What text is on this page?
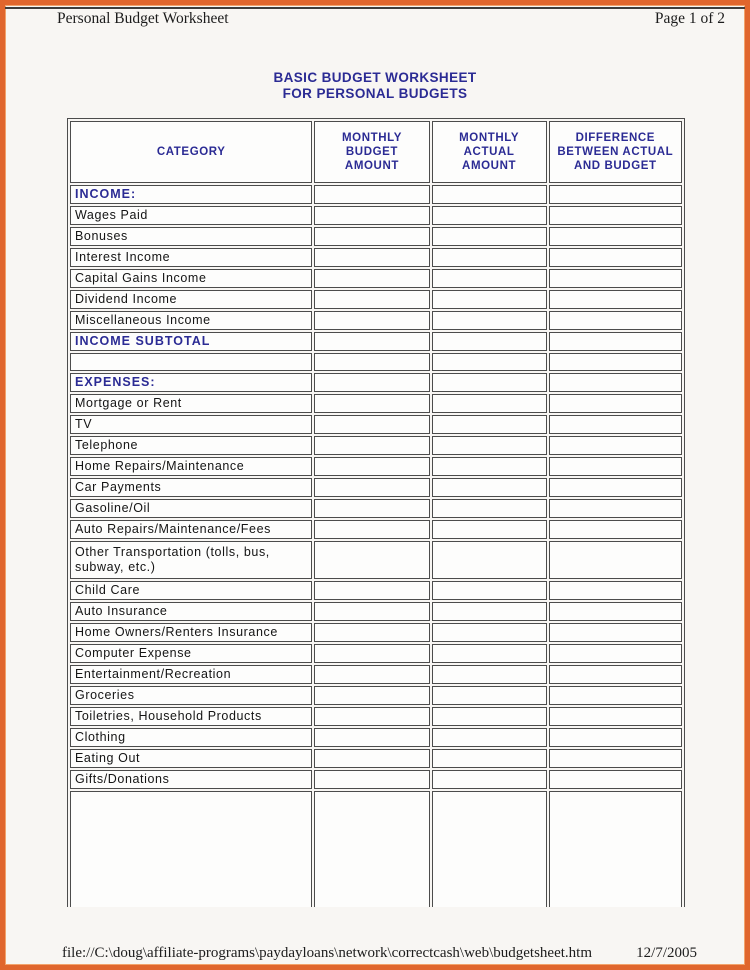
Personal Budget Worksheet	Page 1 of 2
BASIC BUDGET WORKSHEET
FOR PERSONAL BUDGETS
CATEGORY	MONTHLY BUDGET AMOUNT	MONTHLY ACTUAL AMOUNT	DIFFERENCE BETWEEN ACTUAL AND BUDGET
INCOME:			
Wages Paid			
Bonuses			
Interest Income			
Capital Gains Income			
Dividend Income			
Miscellaneous Income			
INCOME SUBTOTAL			

EXPENSES:			
Mortgage or Rent			
TV			
Telephone			
Home Repairs/Maintenance			
Car Payments			
Gasoline/Oil			
Auto Repairs/Maintenance/Fees			
Other Transportation (tolls, bus, subway, etc.)			
Child Care			
Auto Insurance			
Home Owners/Renters Insurance			
Computer Expense			
Entertainment/Recreation			
Groceries			
Toiletries, Household Products			
Clothing			
Eating Out			
Gifts/Donations			

file://C:\doug\affiliate-programs\paydayloans\network\correctcash\web\budgetsheet.htm	12/7/2005
